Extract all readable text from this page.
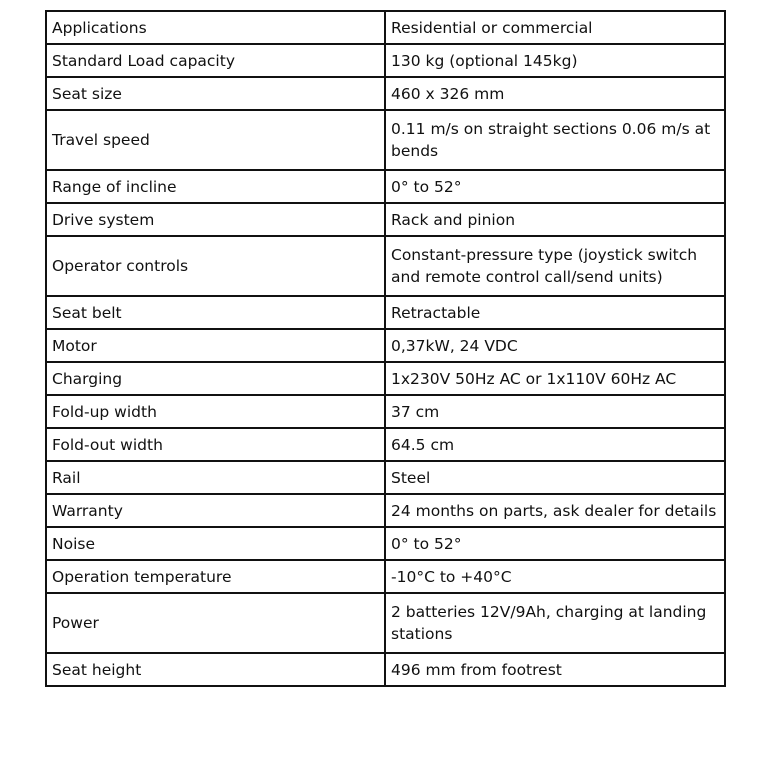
Applications	Residential or commercial
Standard Load capacity	130 kg (optional 145kg)
Seat size	460 x 326 mm
Travel speed	0.11 m/s on straight sections 0.06 m/s at bends
Range of incline	0° to 52°
Drive system	Rack and pinion
Operator controls	Constant-pressure type (joystick switch and remote control call/send units)
Seat belt	Retractable
Motor	0,37kW, 24 VDC
Charging	1x230V 50Hz AC or 1x110V 60Hz AC
Fold-up width	37 cm
Fold-out width	64.5 cm
Rail	Steel
Warranty	24 months on parts, ask dealer for details
Noise	0° to 52°
Operation temperature	-10°C to +40°C
Power	2 batteries 12V/9Ah, charging at landing stations
Seat height	496 mm from footrest
